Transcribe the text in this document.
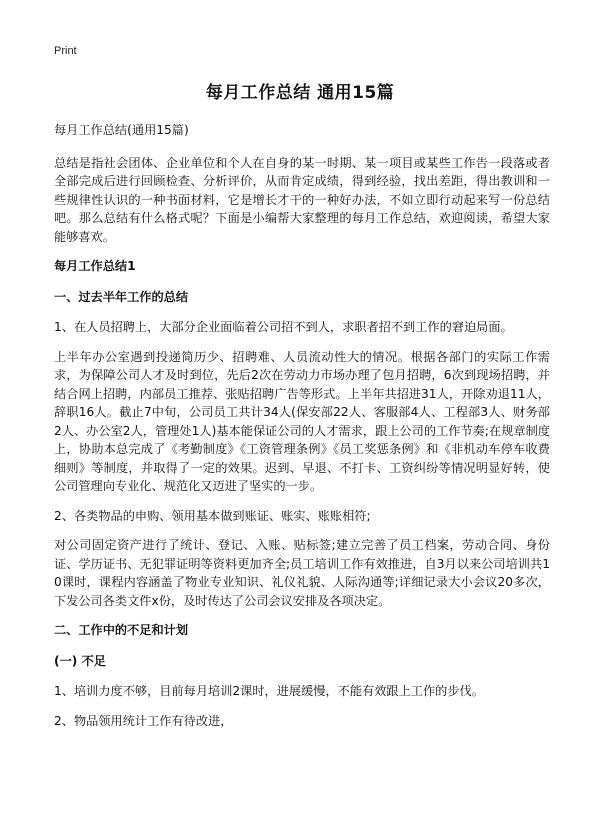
Print
每月工作总结 通用15篇

每月工作总结(通用15篇)

总结是指社会团体、企业单位和个人在自身的某一时期、某一项目或某些工作告一段落或者全部完成后进行回顾检查、分析评价，从而肯定成绩，得到经验，找出差距，得出教训和一些规律性认识的一种书面材料，它是增长才干的一种好办法，不如立即行动起来写一份总结吧。那么总结有什么格式呢？下面是小编帮大家整理的每月工作总结，欢迎阅读，希望大家能够喜欢。

每月工作总结1

一、过去半年工作的总结

1、在人员招聘上，大部分企业面临着公司招不到人，求职者招不到工作的窘迫局面。

上半年办公室遇到投递简历少、招聘难、人员流动性大的情况。根据各部门的实际工作需求，为保障公司人才及时到位，先后2次在劳动力市场办理了包月招聘，6次到现场招聘，并结合网上招聘，内部员工推荐、张贴招聘广告等形式。上半年共招进31人，开除劝退11人，辞职16人。截止7中旬，公司员工共计34人(保安部22人、客服部4人、工程部3人、财务部2人、办公室2人，管理处1人)基本能保证公司的人才需求，跟上公司的工作节奏;在规章制度上，协助本总完成了《考勤制度》《工资管理条例》《员工奖惩条例》和《非机动车停车收费细则》等制度，并取得了一定的效果。迟到、早退、不打卡、工资纠纷等情况明显好转，使公司管理向专业化、规范化又迈进了坚实的一步。

2、各类物品的申购、领用基本做到账证、账实、账账相符;

对公司固定资产进行了统计、登记、入账、贴标签;建立完善了员工档案，劳动合同、身份证、学历证书、无犯罪证明等资料更加齐全;员工培训工作有效推进，自3月以来公司培训共10课时，课程内容涵盖了物业专业知识、礼仪礼貌、人际沟通等;详细记录大小会议20多次，下发公司各类文件x份，及时传达了公司会议安排及各项决定。

二、工作中的不足和计划

(一) 不足

1、培训力度不够，目前每月培训2课时，进展缓慢，不能有效跟上工作的步伐。

2、物品领用统计工作有待改进，
